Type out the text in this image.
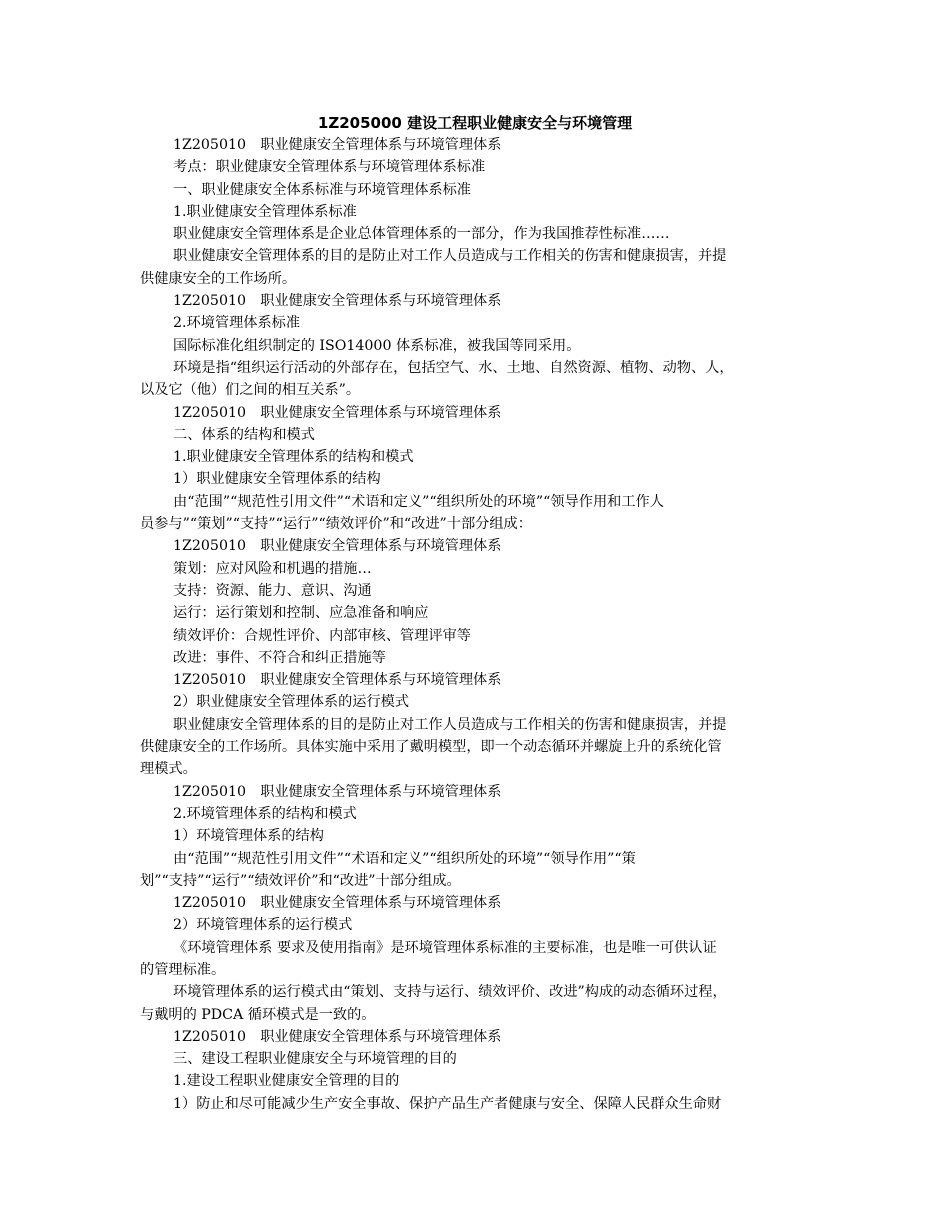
1Z205000 建设工程职业健康安全与环境管理
1Z205010　职业健康安全管理体系与环境管理体系
考点：职业健康安全管理体系与环境管理体系标准
一、职业健康安全体系标准与环境管理体系标准
1.职业健康安全管理体系标准
职业健康安全管理体系是企业总体管理体系的一部分，作为我国推荐性标准……
职业健康安全管理体系的目的是防止对工作人员造成与工作相关的伤害和健康损害，并提
供健康安全的工作场所。
1Z205010　职业健康安全管理体系与环境管理体系
2.环境管理体系标准
国际标准化组织制定的 ISO14000 体系标准，被我国等同采用。
环境是指“组织运行活动的外部存在，包括空气、水、土地、自然资源、植物、动物、人，
以及它（他）们之间的相互关系”。
1Z205010　职业健康安全管理体系与环境管理体系
二、体系的结构和模式
1.职业健康安全管理体系的结构和模式
1）职业健康安全管理体系的结构
由“范围”“规范性引用文件”“术语和定义”“组织所处的环境”“领导作用和工作人
员参与”“策划”“支持”“运行”“绩效评价”和“改进”十部分组成：
1Z205010　职业健康安全管理体系与环境管理体系
策划：应对风险和机遇的措施…
支持：资源、能力、意识、沟通
运行：运行策划和控制、应急准备和响应
绩效评价：合规性评价、内部审核、管理评审等
改进：事件、不符合和纠正措施等
1Z205010　职业健康安全管理体系与环境管理体系
2）职业健康安全管理体系的运行模式
职业健康安全管理体系的目的是防止对工作人员造成与工作相关的伤害和健康损害，并提
供健康安全的工作场所。具体实施中采用了戴明模型，即一个动态循环并螺旋上升的系统化管
理模式。
1Z205010　职业健康安全管理体系与环境管理体系
2.环境管理体系的结构和模式
1）环境管理体系的结构
由“范围”“规范性引用文件”“术语和定义”“组织所处的环境”“领导作用”“策
划”“支持”“运行”“绩效评价”和“改进”十部分组成。
1Z205010　职业健康安全管理体系与环境管理体系
2）环境管理体系的运行模式
《环境管理体系 要求及使用指南》是环境管理体系标准的主要标准，也是唯一可供认证
的管理标准。
环境管理体系的运行模式由“策划、支持与运行、绩效评价、改进”构成的动态循环过程，
与戴明的 PDCA 循环模式是一致的。
1Z205010　职业健康安全管理体系与环境管理体系
三、建设工程职业健康安全与环境管理的目的
1.建设工程职业健康安全管理的目的
1）防止和尽可能减少生产安全事故、保护产品生产者健康与安全、保障人民群众生命财
